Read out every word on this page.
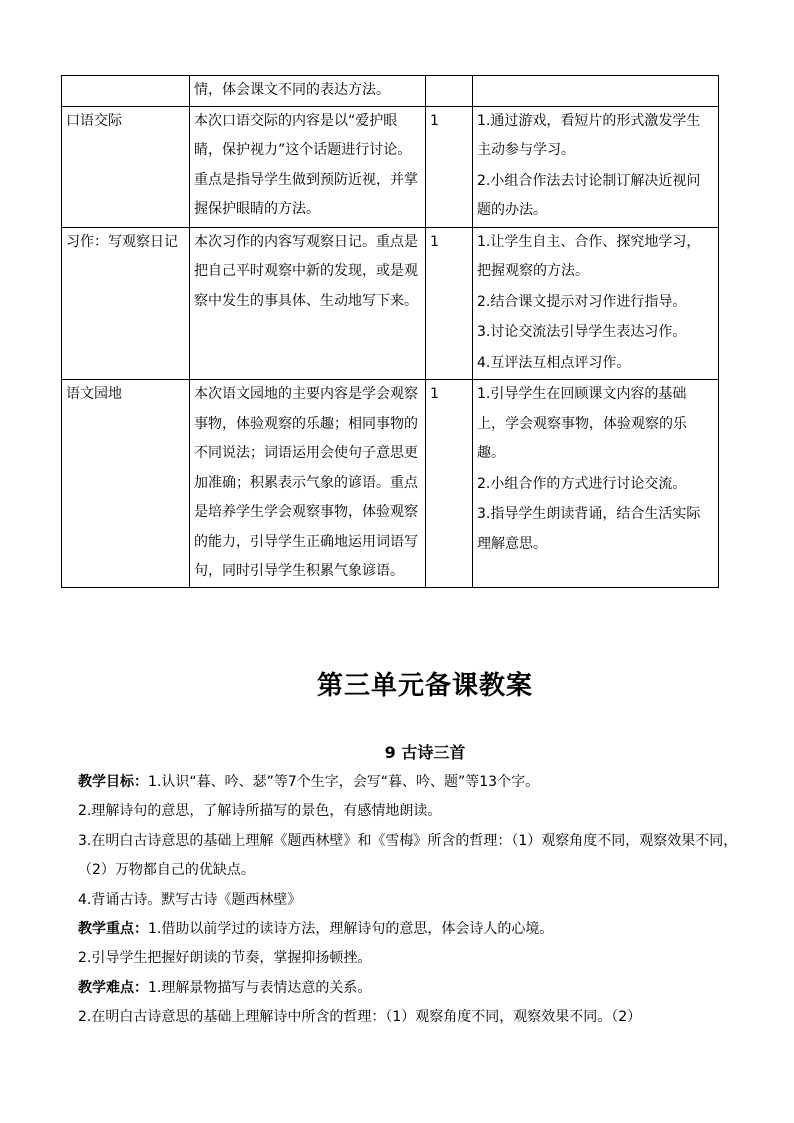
	情，体会课文不同的表达方法。		
口语交际	本次口语交际的内容是以“爱护眼睛，保护视力”这个话题进行讨论。重点是指导学生做到预防近视，并掌握保护眼睛的方法。	1	1.通过游戏，看短片的形式激发学生主动参与学习。
2.小组合作法去讨论制订解决近视问题的办法。

习作：写观察日记	本次习作的内容写观察日记。重点是把自己平时观察中新的发现，或是观察中发生的事具体、生动地写下来。	1	1.让学生自主、合作、探究地学习，把握观察的方法。
2.结合课文提示对习作进行指导。
3.讨论交流法引导学生表达习作。
4.互评法互相点评习作。

语文园地	本次语文园地的主要内容是学会观察事物，体验观察的乐趣；相同事物的不同说法；词语运用会使句子意思更加准确；积累表示气象的谚语。重点是培养学生学会观察事物，体验观察的能力，引导学生正确地运用词语写句，同时引导学生积累气象谚语。	1	1.引导学生在回顾课文内容的基础上，学会观察事物，体验观察的乐趣。
2.小组合作的方式进行讨论交流。
3.指导学生朗读背诵，结合生活实际理解意思。
第三单元备课教案
9 古诗三首

教学目标：1.认识“暮、吟、瑟”等7个生字，会写“暮、吟、题”等13个字。

2.理解诗句的意思，了解诗所描写的景色，有感情地朗读。

3.在明白古诗意思的基础上理解《题西林壁》和《雪梅》所含的哲理：（1）观察角度不同，观察效果不同，（2）万物都自己的优缺点。

4.背诵古诗。默写古诗《题西林壁》

教学重点：1.借助以前学过的读诗方法，理解诗句的意思，体会诗人的心境。

2.引导学生把握好朗读的节奏，掌握抑扬顿挫。

教学难点：1.理解景物描写与表情达意的关系。

2.在明白古诗意思的基础上理解诗中所含的哲理：（1）观察角度不同，观察效果不同。（2）
